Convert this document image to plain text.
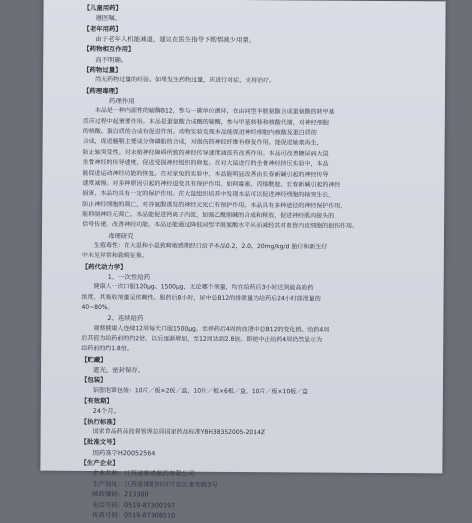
【儿童用药】
遵医嘱。
【老年用药】
由于老年人机能减退，建议在医生指导下酌情减少用量。
【药物相互作用】
尚不明确。
【药物过量】
尚无药物过量的经验。如果发生药物过量，应进行对症、支持治疗。
【药理毒理】
药理作用
本品是一种内源性的辅酶B12，参与一碳单位循环，在由同型半胱氨酸合成蛋氨酸的转甲基
反应过程中起重要作用。本品是蛋氨酸合成酶的辅酶，参与甲基转移和核酸代谢，对神经细胞
的核酸、蛋白质的合成有促进作用。动物实验发现本品能促进神经细胞内核酸及蛋白质的
合成，促进髓鞘主要成分卵磷脂的合成，对损伤的神经纤维有修复作用，能促进轴索再生，
防止轴突变性。对末梢神经障碍所致的神经传导速度减低有改善作用。本品可改善糖尿病大鼠
坐骨神经的传导速度，促进受损神经组织的修复。在对大鼠进行的坐骨神经挤压实验中，本品
能促进运动神经功能的恢复。在对家兔的实验中，本品能明显改善由长春新碱引起的神经传导
速度减慢。对多种原因引起的神经退变具有保护作用。如阿霉素、丙烯酰胺、长春新碱引起的神经
损害，本品均具有一定的保护作用。在大鼠组织培养中发现本品可以促进神经细胞的轴突生长，
防止神经细胞的凋亡，对谷氨酸诱发的神经元死亡有保护作用。本品具有多种途径的神经保护作用，
能抑制神经元凋亡。本品能促进钙离子内流，加强乙酰胆碱的合成和释放，促进神经肌肉接头的
信号传递，改善神经功能。本品还能通过降低同型半胱氨酸水平从而减轻其对血管内皮细胞的损伤作用。
毒理研究
生殖毒性：在大鼠和小鼠致畸敏感期经口给予本品0.2、2.0、20mg/kg/d 胎仔和新生仔
中未见异常和致畸征象。
【药代动力学】
1、一次性给药
健康人一次口服120μg、1500μg，无论哪个剂量，均在给药后3小时达到最高血药
浓度，其吸收剂量呈依赖性。服药后8小时，尿中总B12的排泄量为给药后24小时排泄量的
40~80%。
2、连续给药
观察健康人连续12周每天口服1500μg，至停药后4周的血清中总B12的变化值。给药4周
后其值为给药前的约2倍，以后逐渐增加，至12周达到2.8倍。即使中止给药4周仍然显示为
给药前的约1.8倍。
【贮藏】
遮光，密封保存。
【包装】
铝塑泡罩包装：10片／板×2板／盒，10片／板×6板／盒，10片／板×10板／盒
【有效期】
24个月。
【执行标准】
国家食品药品监督管理总局国家药品标准YBH38352005-2014Z
【批准文号】
国药准字H20052564
【生产企业】
企业名称：江苏递赛诺制药有限公司
生产地址：江苏省溧阳经济开发区康安路3号
邮政编码：213300
电话号码：0519-87300197
传真号码：0519-87308510
